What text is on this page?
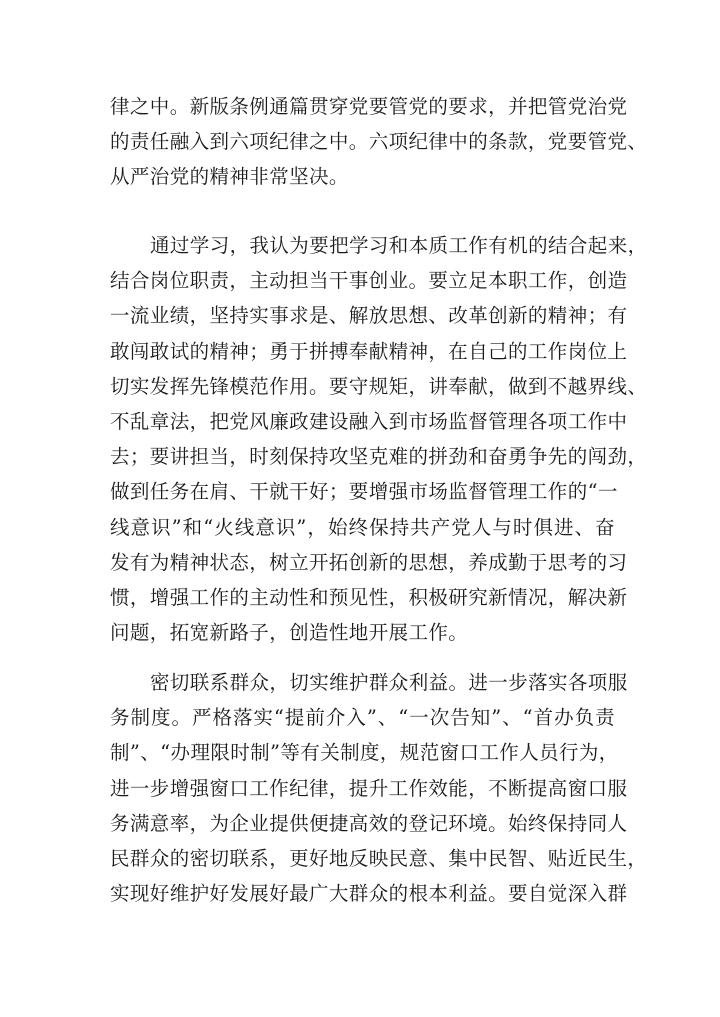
律之中。新版条例通篇贯穿党要管党的要求，并把管党治党
的责任融入到六项纪律之中。六项纪律中的条款，党要管党、
从严治党的精神非常坚决。
通过学习，我认为要把学习和本质工作有机的结合起来，
结合岗位职责，主动担当干事创业。要立足本职工作，创造
一流业绩，坚持实事求是、解放思想、改革创新的精神；有
敢闯敢试的精神；勇于拼搏奉献精神，在自己的工作岗位上
切实发挥先锋模范作用。要守规矩，讲奉献，做到不越界线、
不乱章法，把党风廉政建设融入到市场监督管理各项工作中
去；要讲担当，时刻保持攻坚克难的拼劲和奋勇争先的闯劲，
做到任务在肩、干就干好；要增强市场监督管理工作的“一
线意识”和“火线意识”，始终保持共产党人与时俱进、奋
发有为精神状态，树立开拓创新的思想，养成勤于思考的习
惯，增强工作的主动性和预见性，积极研究新情况，解决新
问题，拓宽新路子，创造性地开展工作。
密切联系群众，切实维护群众利益。进一步落实各项服
务制度。严格落实“提前介入”、“一次告知”、“首办负责
制”、“办理限时制”等有关制度，规范窗口工作人员行为，
进一步增强窗口工作纪律，提升工作效能，不断提高窗口服
务满意率，为企业提供便捷高效的登记环境。始终保持同人
民群众的密切联系，更好地反映民意、集中民智、贴近民生，
实现好维护好发展好最广大群众的根本利益。要自觉深入群
